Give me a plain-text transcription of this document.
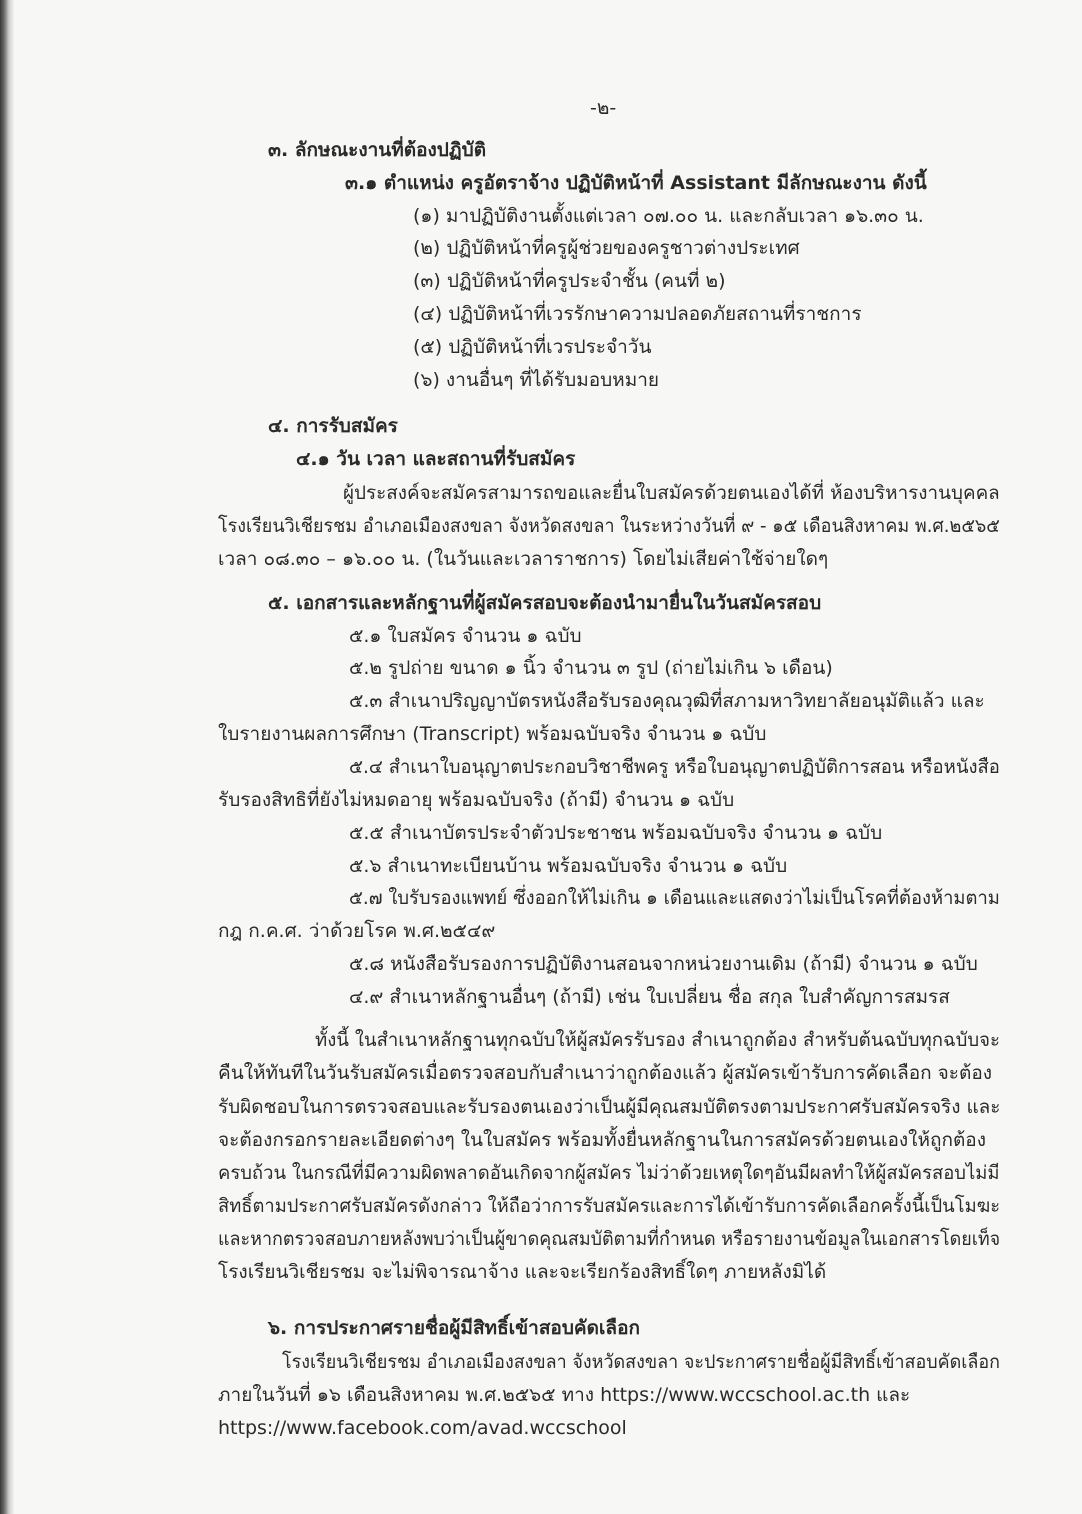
-๒-
๓. ลักษณะงานที่ต้องปฏิบัติ
๓.๑ ตำแหน่ง ครูอัตราจ้าง ปฏิบัติหน้าที่ Assistant มีลักษณะงาน ดังนี้
(๑) มาปฏิบัติงานตั้งแต่เวลา ๐๗.๐๐ น. และกลับเวลา ๑๖.๓๐ น.
(๒) ปฏิบัติหน้าที่ครูผู้ช่วยของครูชาวต่างประเทศ
(๓) ปฏิบัติหน้าที่ครูประจำชั้น (คนที่ ๒)
(๔) ปฏิบัติหน้าที่เวรรักษาความปลอดภัยสถานที่ราชการ
(๕) ปฏิบัติหน้าที่เวรประจำวัน
(๖) งานอื่นๆ ที่ได้รับมอบหมาย
๔. การรับสมัคร
๔.๑ วัน เวลา และสถานที่รับสมัคร
ผู้ประสงค์จะสมัครสามารถขอและยื่นใบสมัครด้วยตนเองได้ที่ ห้องบริหารงานบุคคล
โรงเรียนวิเชียรชม อำเภอเมืองสงขลา จังหวัดสงขลา ในระหว่างวันที่ ๙ - ๑๕ เดือนสิงหาคม พ.ศ.๒๕๖๕
เวลา ๐๘.๓๐ – ๑๖.๐๐ น. (ในวันและเวลาราชการ) โดยไม่เสียค่าใช้จ่ายใดๆ
๕. เอกสารและหลักฐานที่ผู้สมัครสอบจะต้องนำมายื่นในวันสมัครสอบ
๕.๑ ใบสมัคร จำนวน ๑ ฉบับ
๕.๒ รูปถ่าย ขนาด ๑ นิ้ว จำนวน ๓ รูป (ถ่ายไม่เกิน ๖ เดือน)
๕.๓ สำเนาปริญญาบัตรหนังสือรับรองคุณวุฒิที่สภามหาวิทยาลัยอนุมัติแล้ว และ
ใบรายงานผลการศึกษา (Transcript) พร้อมฉบับจริง จำนวน ๑ ฉบับ
๕.๔ สำเนาใบอนุญาตประกอบวิชาชีพครู หรือใบอนุญาตปฏิบัติการสอน หรือหนังสือ
รับรองสิทธิที่ยังไม่หมดอายุ พร้อมฉบับจริง (ถ้ามี) จำนวน ๑ ฉบับ
๕.๕ สำเนาบัตรประจำตัวประชาชน พร้อมฉบับจริง จำนวน ๑ ฉบับ
๕.๖ สำเนาทะเบียนบ้าน พร้อมฉบับจริง จำนวน ๑ ฉบับ
๕.๗ ใบรับรองแพทย์ ซึ่งออกให้ไม่เกิน ๑ เดือนและแสดงว่าไม่เป็นโรคที่ต้องห้ามตาม
กฎ ก.ค.ศ. ว่าด้วยโรค พ.ศ.๒๕๔๙
๕.๘ หนังสือรับรองการปฏิบัติงานสอนจากหน่วยงานเดิม (ถ้ามี) จำนวน ๑ ฉบับ
๔.๙ สำเนาหลักฐานอื่นๆ (ถ้ามี) เช่น ใบเปลี่ยน ชื่อ สกุล ใบสำคัญการสมรส
ทั้งนี้ ในสำเนาหลักฐานทุกฉบับให้ผู้สมัครรับรอง สำเนาถูกต้อง สำหรับต้นฉบับทุกฉบับจะ
คืนให้ทันทีในวันรับสมัครเมื่อตรวจสอบกับสำเนาว่าถูกต้องแล้ว ผู้สมัครเข้ารับการคัดเลือก จะต้อง
รับผิดชอบในการตรวจสอบและรับรองตนเองว่าเป็นผู้มีคุณสมบัติตรงตามประกาศรับสมัครจริง และ
จะต้องกรอกรายละเอียดต่างๆ ในใบสมัคร พร้อมทั้งยื่นหลักฐานในการสมัครด้วยตนเองให้ถูกต้อง
ครบถ้วน ในกรณีที่มีความผิดพลาดอันเกิดจากผู้สมัคร ไม่ว่าด้วยเหตุใดๆอันมีผลทำให้ผู้สมัครสอบไม่มี
สิทธิ์ตามประกาศรับสมัครดังกล่าว ให้ถือว่าการรับสมัครและการได้เข้ารับการคัดเลือกครั้งนี้เป็นโมฆะ
และหากตรวจสอบภายหลังพบว่าเป็นผู้ขาดคุณสมบัติตามที่กำหนด หรือรายงานข้อมูลในเอกสารโดยเท็จ
โรงเรียนวิเชียรชม จะไม่พิจารณาจ้าง และจะเรียกร้องสิทธิ์ใดๆ ภายหลังมิได้
๖. การประกาศรายชื่อผู้มีสิทธิ์เข้าสอบคัดเลือก
โรงเรียนวิเชียรชม อำเภอเมืองสงขลา จังหวัดสงขลา จะประกาศรายชื่อผู้มีสิทธิ์เข้าสอบคัดเลือก
ภายในวันที่ ๑๖ เดือนสิงหาคม พ.ศ.๒๕๖๕ ทาง https://www.wccschool.ac.th และ
https://www.facebook.com/avad.wccschool
